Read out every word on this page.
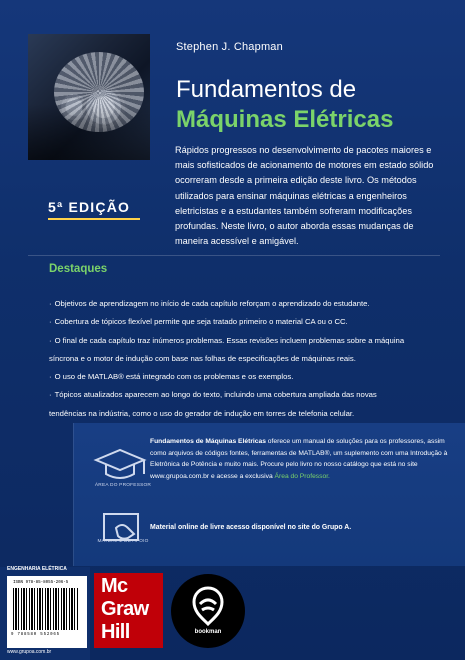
Stephen J. Chapman
Fundamentos de
Máquinas Elétricas
5ª EDIÇÃO
Rápidos progressos no desenvolvimento de pacotes maiores e mais sofisticados de acionamento de motores em estado sólido ocorreram desde a primeira edição deste livro. Os métodos utilizados para ensinar máquinas elétricas a engenheiros eletricistas e a estudantes também sofreram modificações profundas. Neste livro, o autor aborda essas mudanças de maneira acessível e amigável.
Destaques

· Objetivos de aprendizagem no início de cada capítulo reforçam o aprendizado do estudante.

· Cobertura de tópicos flexível permite que seja tratado primeiro o material CA ou o CC.

· O final de cada capítulo traz inúmeros problemas. Essas revisões incluem problemas sobre a máquina

síncrona e o motor de indução com base nas folhas de especificações de máquinas reais.

· O uso de MATLAB® está integrado com os problemas e os exemplos.

· Tópicos atualizados aparecem ao longo do texto, incluindo uma cobertura ampliada das novas

tendências na indústria, como o uso do gerador de indução em torres de telefonia celular.

ÁREA DO PROFESSOR
MATERIAL DE APOIO
Fundamentos de Máquinas Elétricas oferece um manual de soluções para os professores, assim como arquivos de códigos fontes, ferramentas de MATLAB®, um suplemento com uma Introdução à Eletrônica de Potência e muito mais. Procure pelo livro no nosso catálogo que está no site www.grupoa.com.br e acesse a exclusiva Área do Professor.
Material online de livre acesso disponível no site do Grupo A.
ENGENHARIA ELÉTRICA
ISBN 978-85-8055-206-5
9 788580 552065
www.grupoa.com.br
Mc
Graw
Hill	bookman
